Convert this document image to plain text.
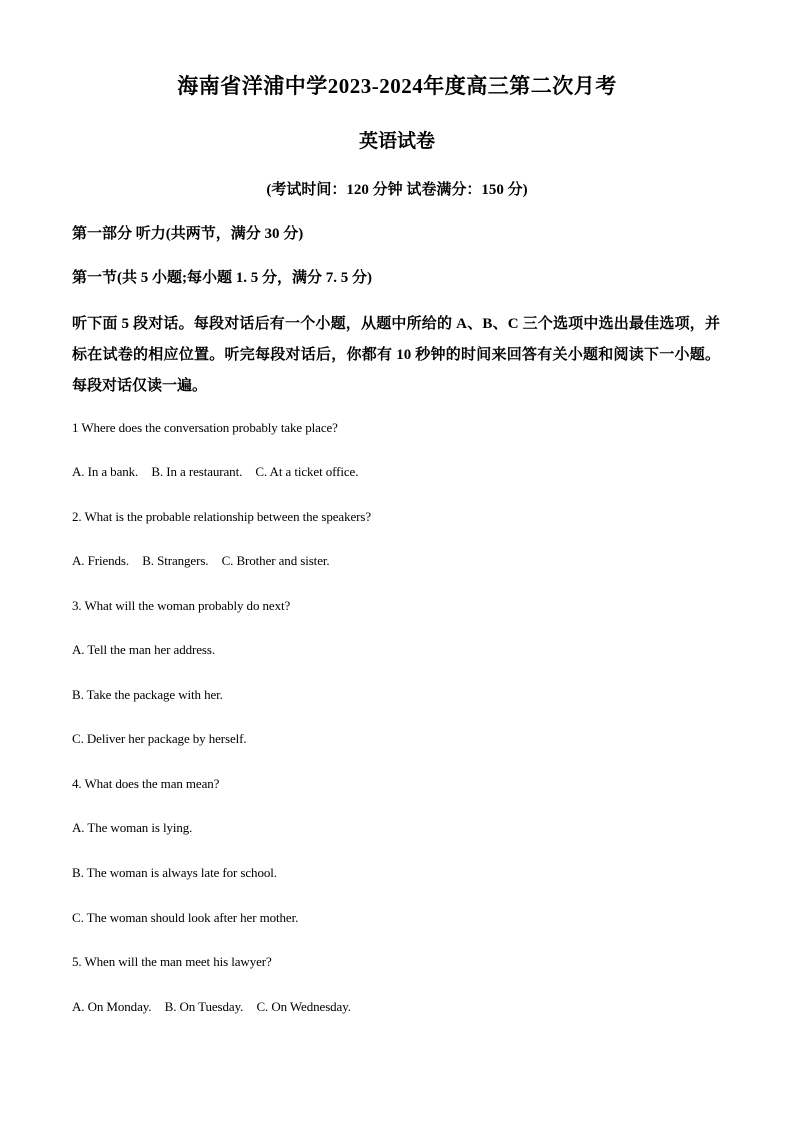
海南省洋浦中学2023-2024年度高三第二次月考
英语试卷
(考试时间：120 分钟 试卷满分：150 分)
第一部分 听力(共两节，满分 30 分)
第一节(共 5 小题;每小题 1. 5 分，满分 7. 5 分)
听下面 5 段对话。每段对话后有一个小题，从题中所给的 A、B、C 三个选项中选出最佳选项，并标在试卷的相应位置。听完每段对话后，你都有 10 秒钟的时间来回答有关小题和阅读下一小题。每段对话仅读一遍。
1 Where does the conversation probably take place?
A. In a bank. B. In a restaurant. C. At a ticket office.
2. What is the probable relationship between the speakers?
A. Friends. B. Strangers. C. Brother and sister.
3. What will the woman probably do next?
A. Tell the man her address.
B. Take the package with her.
C. Deliver her package by herself.
4. What does the man mean?
A. The woman is lying.
B. The woman is always late for school.
C. The woman should look after her mother.
5. When will the man meet his lawyer?
A. On Monday. B. On Tuesday. C. On Wednesday.
